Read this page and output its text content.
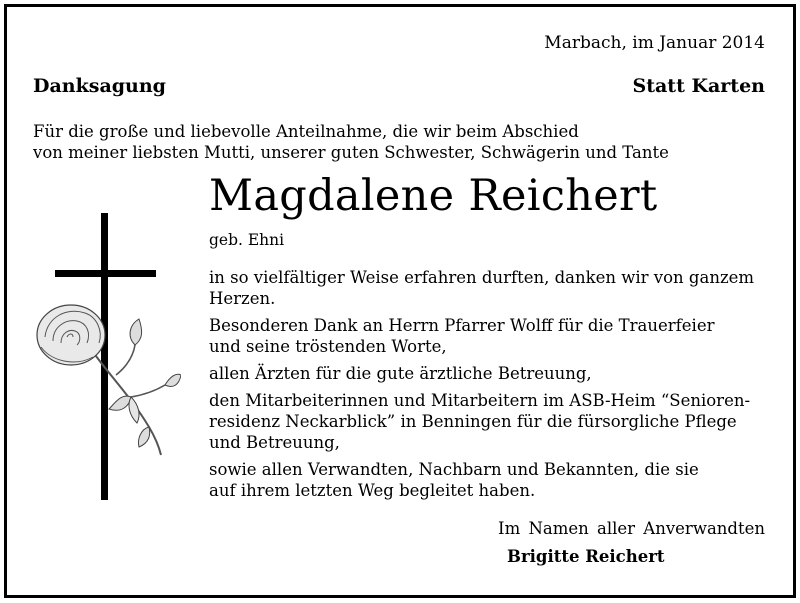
Marbach, im Januar 2014
Danksagung	Statt Karten
Für die große und liebevolle Anteilnahme, die wir beim Abschied
von meiner liebsten Mutti, unserer guten Schwester, Schwägerin und Tante
Magdalene Reichert
geb. Ehni

in so vielfältiger Weise erfahren durften, danken wir von ganzem
Herzen.

Besonderen Dank an Herrn Pfarrer Wolff für die Trauerfeier
und seine tröstenden Worte,

allen Ärzten für die gute ärztliche Betreuung,

den Mitarbeiterinnen und Mitarbeitern im ASB-Heim “Senioren-
residenz Neckarblick” in Benningen für die fürsorgliche Pflege
und Betreuung,

sowie allen Verwandten, Nachbarn und Bekannten, die sie
auf ihrem letzten Weg begleitet haben.

Im Namen aller Anverwandten
Brigitte Reichert
